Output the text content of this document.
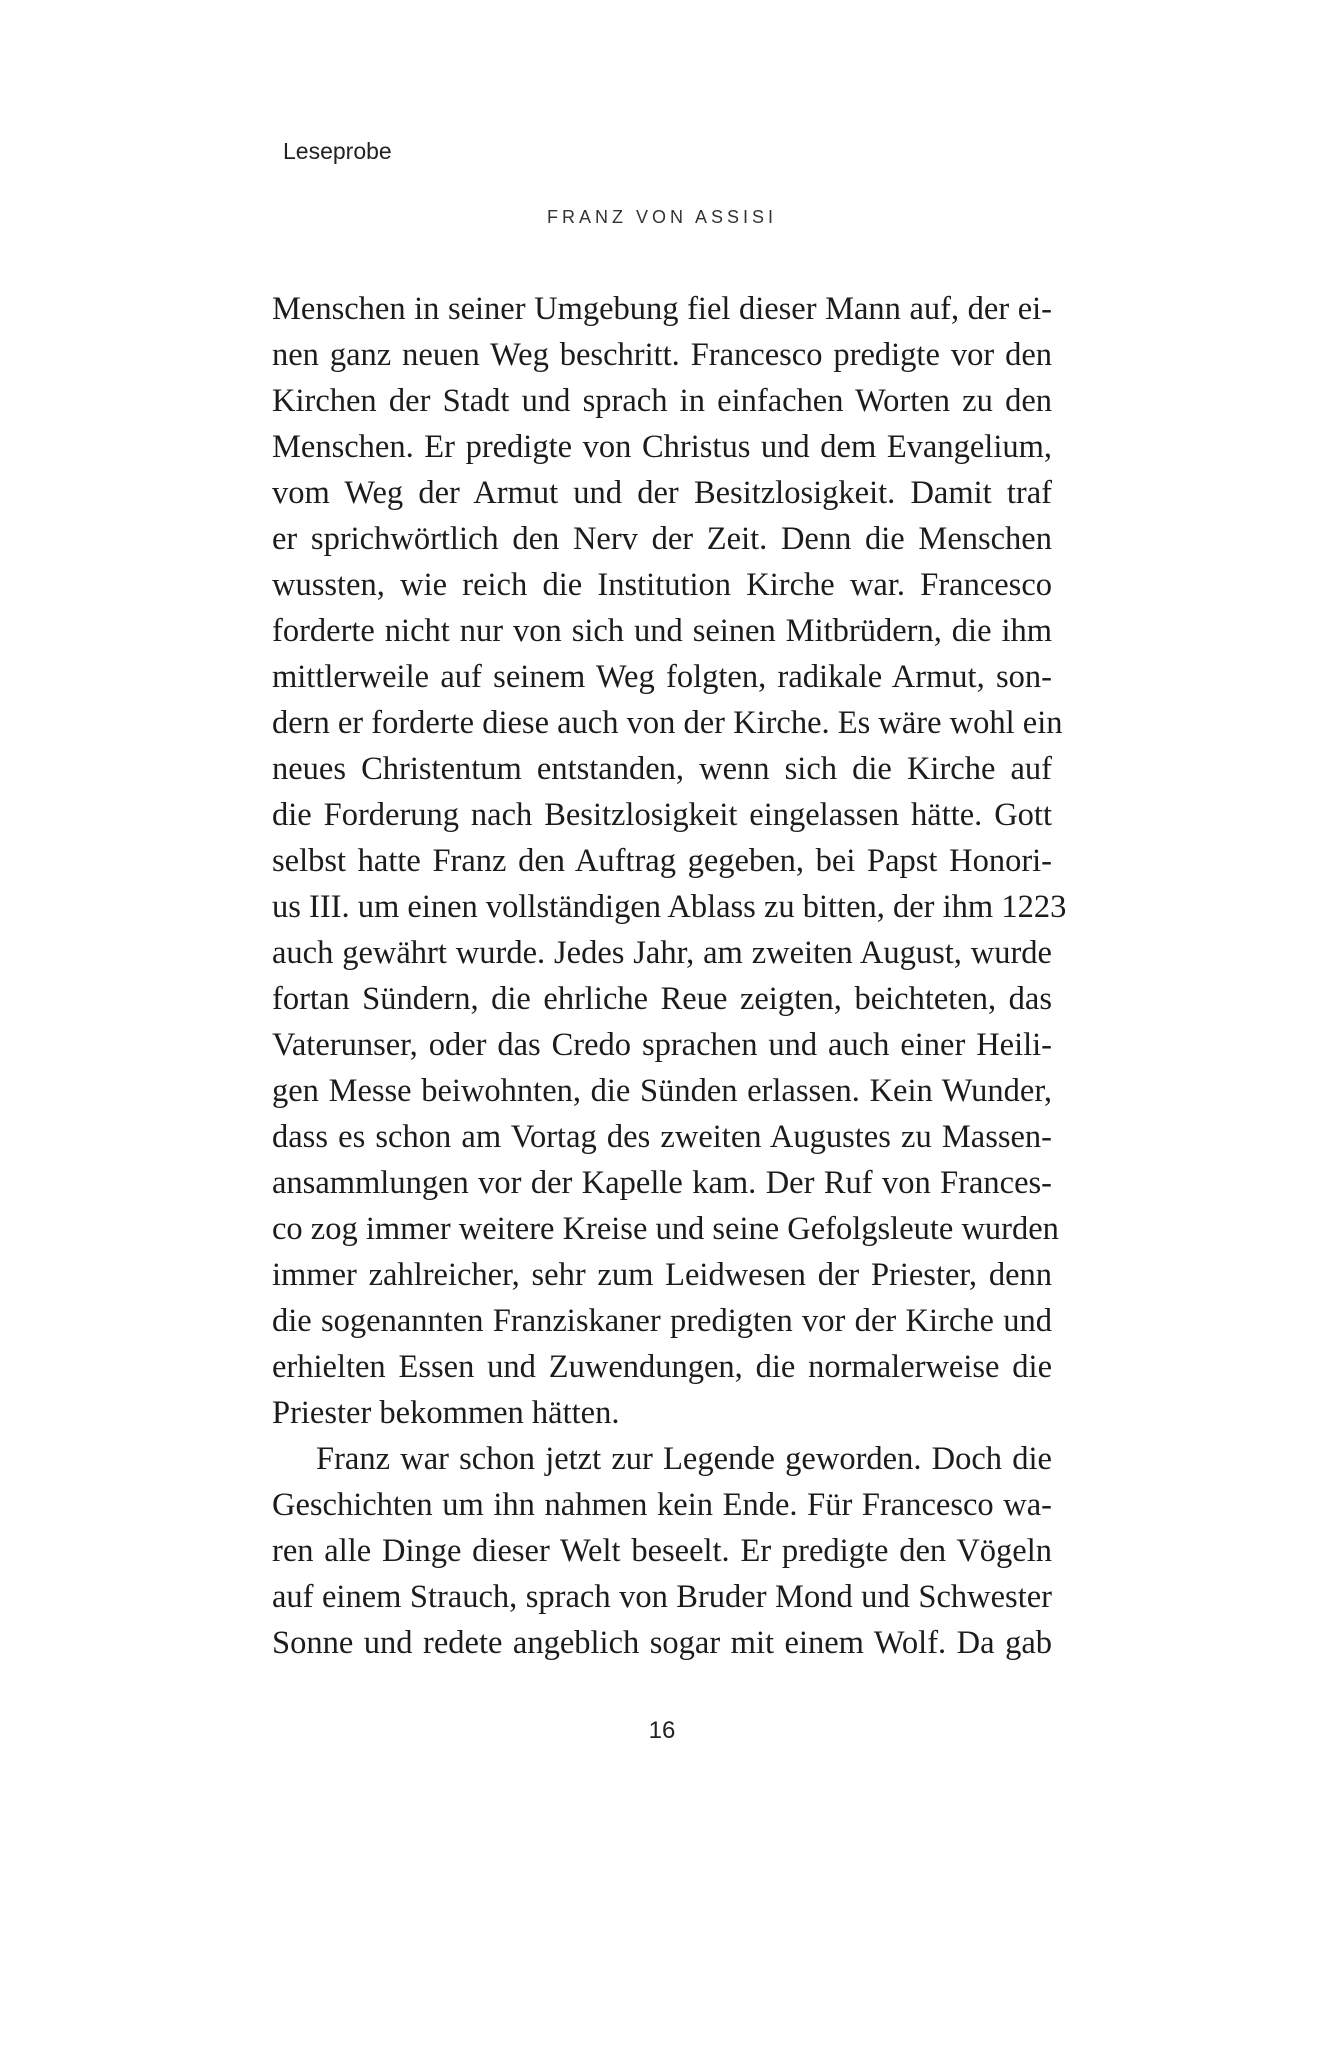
Leseprobe
FRANZ VON ASSISI
Menschen in seiner Umgebung fiel dieser Mann auf, der ei-
nen ganz neuen Weg beschritt. Francesco predigte vor den
Kirchen der Stadt und sprach in einfachen Worten zu den
Menschen. Er predigte von Christus und dem Evangelium,
vom Weg der Armut und der Besitzlosigkeit. Damit traf
er sprichwörtlich den Nerv der Zeit. Denn die Menschen
wussten, wie reich die Institution Kirche war. Francesco
forderte nicht nur von sich und seinen Mitbrüdern, die ihm
mittlerweile auf seinem Weg folgten, radikale Armut, son-
dern er forderte diese auch von der Kirche. Es wäre wohl ein
neues Christentum entstanden, wenn sich die Kirche auf
die Forderung nach Besitzlosigkeit eingelassen hätte. Gott
selbst hatte Franz den Auftrag gegeben, bei Papst Honori-
us III. um einen vollständigen Ablass zu bitten, der ihm 1223
auch gewährt wurde. Jedes Jahr, am zweiten August, wurde
fortan Sündern, die ehrliche Reue zeigten, beichteten, das
Vaterunser, oder das Credo sprachen und auch einer Heili-
gen Messe beiwohnten, die Sünden erlassen. Kein Wunder,
dass es schon am Vortag des zweiten Augustes zu Massen-
ansammlungen vor der Kapelle kam. Der Ruf von Frances-
co zog immer weitere Kreise und seine Gefolgsleute wurden
immer zahlreicher, sehr zum Leidwesen der Priester, denn
die sogenannten Franziskaner predigten vor der Kirche und
erhielten Essen und Zuwendungen, die normalerweise die
Priester bekommen hätten.
Franz war schon jetzt zur Legende geworden. Doch die
Geschichten um ihn nahmen kein Ende. Für Francesco wa-
ren alle Dinge dieser Welt beseelt. Er predigte den Vögeln
auf einem Strauch, sprach von Bruder Mond und Schwester
Sonne und redete angeblich sogar mit einem Wolf. Da gab
16
